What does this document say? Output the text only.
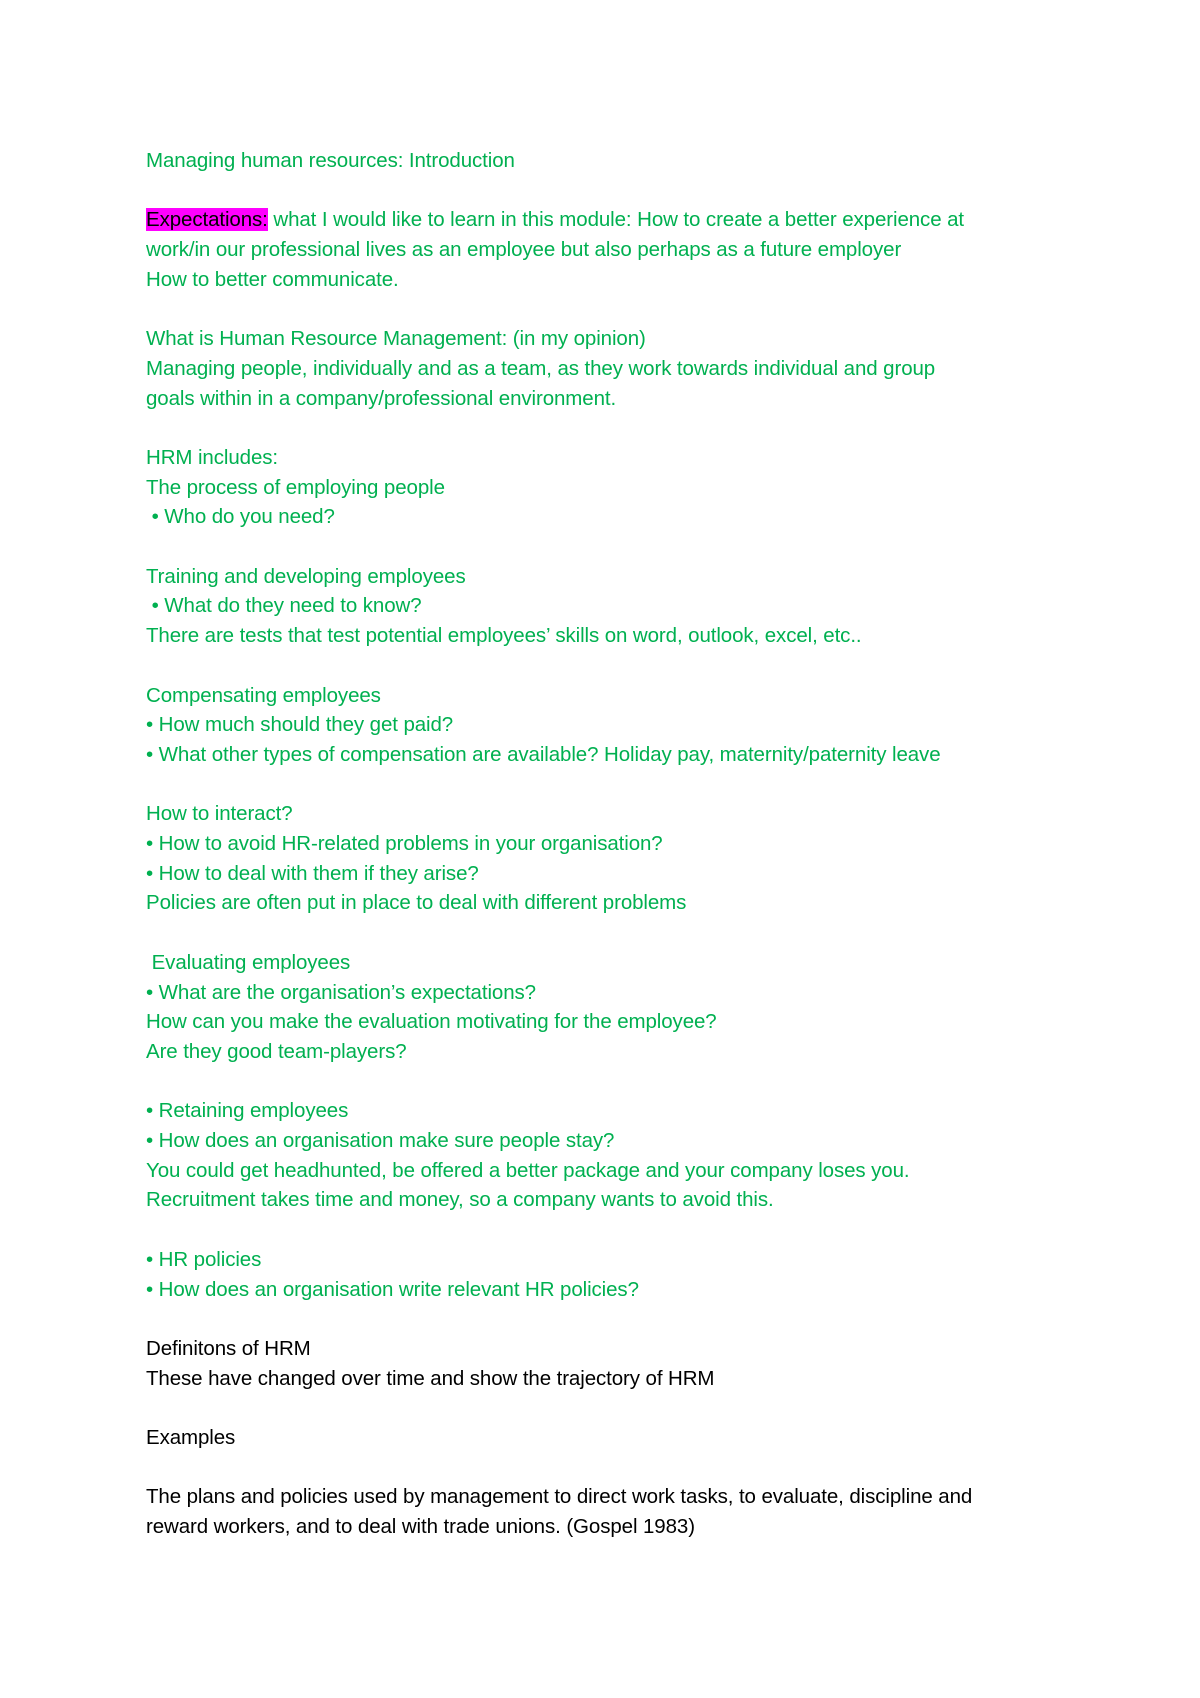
Managing human resources: Introduction

Expectations: what I would like to learn in this module: How to create a better experience at

work/in our professional lives as an employee but also perhaps as a future employer

How to better communicate.

What is Human Resource Management: (in my opinion)

Managing people, individually and as a team, as they work towards individual and group

goals within in a company/professional environment.

HRM includes:

The process of employing people

• Who do you need?

Training and developing employees

• What do they need to know?

There are tests that test potential employees’ skills on word, outlook, excel, etc..

Compensating employees

• How much should they get paid?

• What other types of compensation are available? Holiday pay, maternity/paternity leave

How to interact?

• How to avoid HR-related problems in your organisation?

• How to deal with them if they arise?

Policies are often put in place to deal with different problems

Evaluating employees

• What are the organisation’s expectations?

How can you make the evaluation motivating for the employee?

Are they good team-players?

• Retaining employees

• How does an organisation make sure people stay?

You could get headhunted, be offered a better package and your company loses you.

Recruitment takes time and money, so a company wants to avoid this.

• HR policies

• How does an organisation write relevant HR policies?

Definitons of HRM

These have changed over time and show the trajectory of HRM

Examples

The plans and policies used by management to direct work tasks, to evaluate, discipline and

reward workers, and to deal with trade unions. (Gospel 1983)
